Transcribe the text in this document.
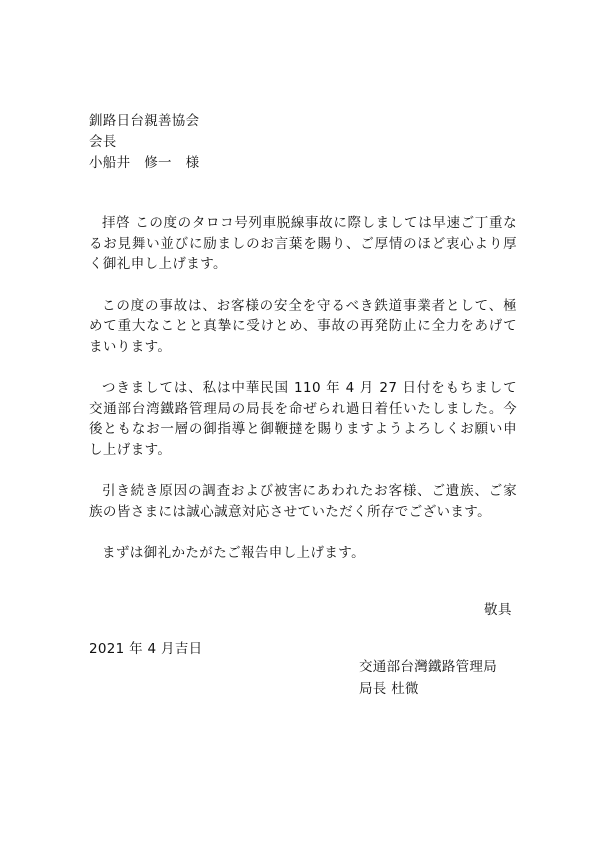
釧路日台親善協会
会長
小船井　修一　様

拝啓 この度のタロコ号列車脱線事故に際しましては早速ご丁重なるお見舞い並びに励ましのお言葉を賜り、ご厚情のほど衷心より厚く御礼申し上げます。

この度の事故は、お客様の安全を守るべき鉄道事業者として、極めて重大なことと真摯に受けとめ、事故の再発防止に全力をあげてまいります。

つきましては、私は中華民国 110 年 4 月 27 日付をもちまして交通部台湾鐵路管理局の局長を命ぜられ過日着任いたしました。今後ともなお一層の御指導と御鞭撻を賜りますようよろしくお願い申し上げます。

引き続き原因の調査および被害にあわれたお客様、ご遺族、ご家族の皆さまには誠心誠意対応させていただく所存でございます。

まずは御礼かたがたご報告申し上げます。

敬具
2021 年 4 月吉日
交通部台灣鐵路管理局
局長 杜微
